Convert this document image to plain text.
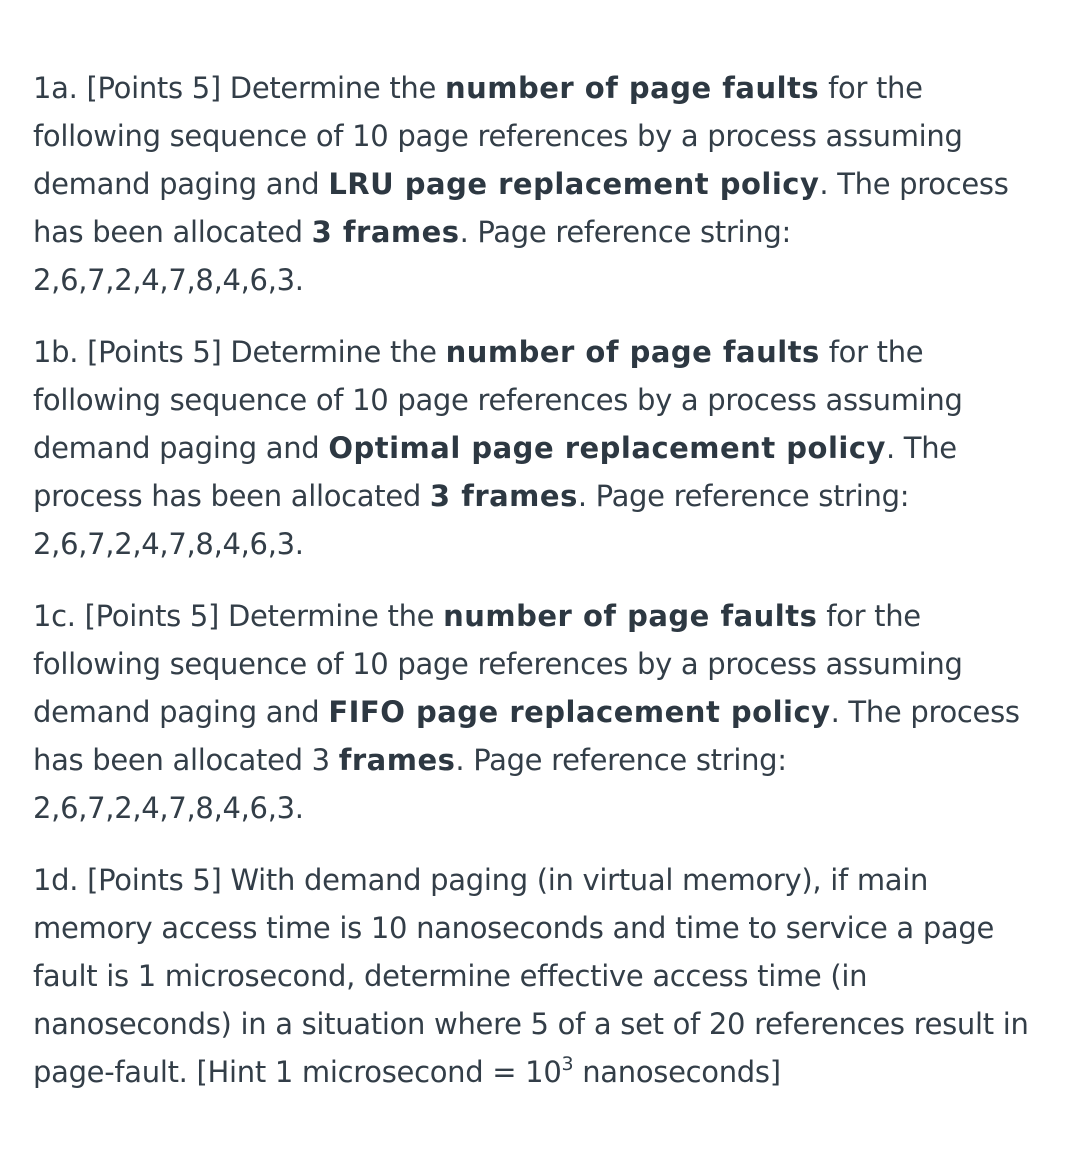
1a. [Points 5] Determine the number of page faults for the following sequence of 10 page references by a process assuming demand paging and LRU page replacement policy. The process has been allocated 3 frames. Page reference string: 2,6,7,2,4,7,8,4,6,3.

1b. [Points 5] Determine the number of page faults for the following sequence of 10 page references by a process assuming demand paging and Optimal page replacement policy. The process has been allocated 3 frames. Page reference string: 2,6,7,2,4,7,8,4,6,3.

1c. [Points 5] Determine the number of page faults for the following sequence of 10 page references by a process assuming demand paging and FIFO page replacement policy. The process has been allocated 3 frames. Page reference string: 2,6,7,2,4,7,8,4,6,3.

1d. [Points 5] With demand paging (in virtual memory), if main memory access time is 10 nanoseconds and time to service a page fault is 1 microsecond, determine effective access time (in nanoseconds) in a situation where 5 of a set of 20 references result in page-fault. [Hint 1 microsecond = $10^3$ nanoseconds]
